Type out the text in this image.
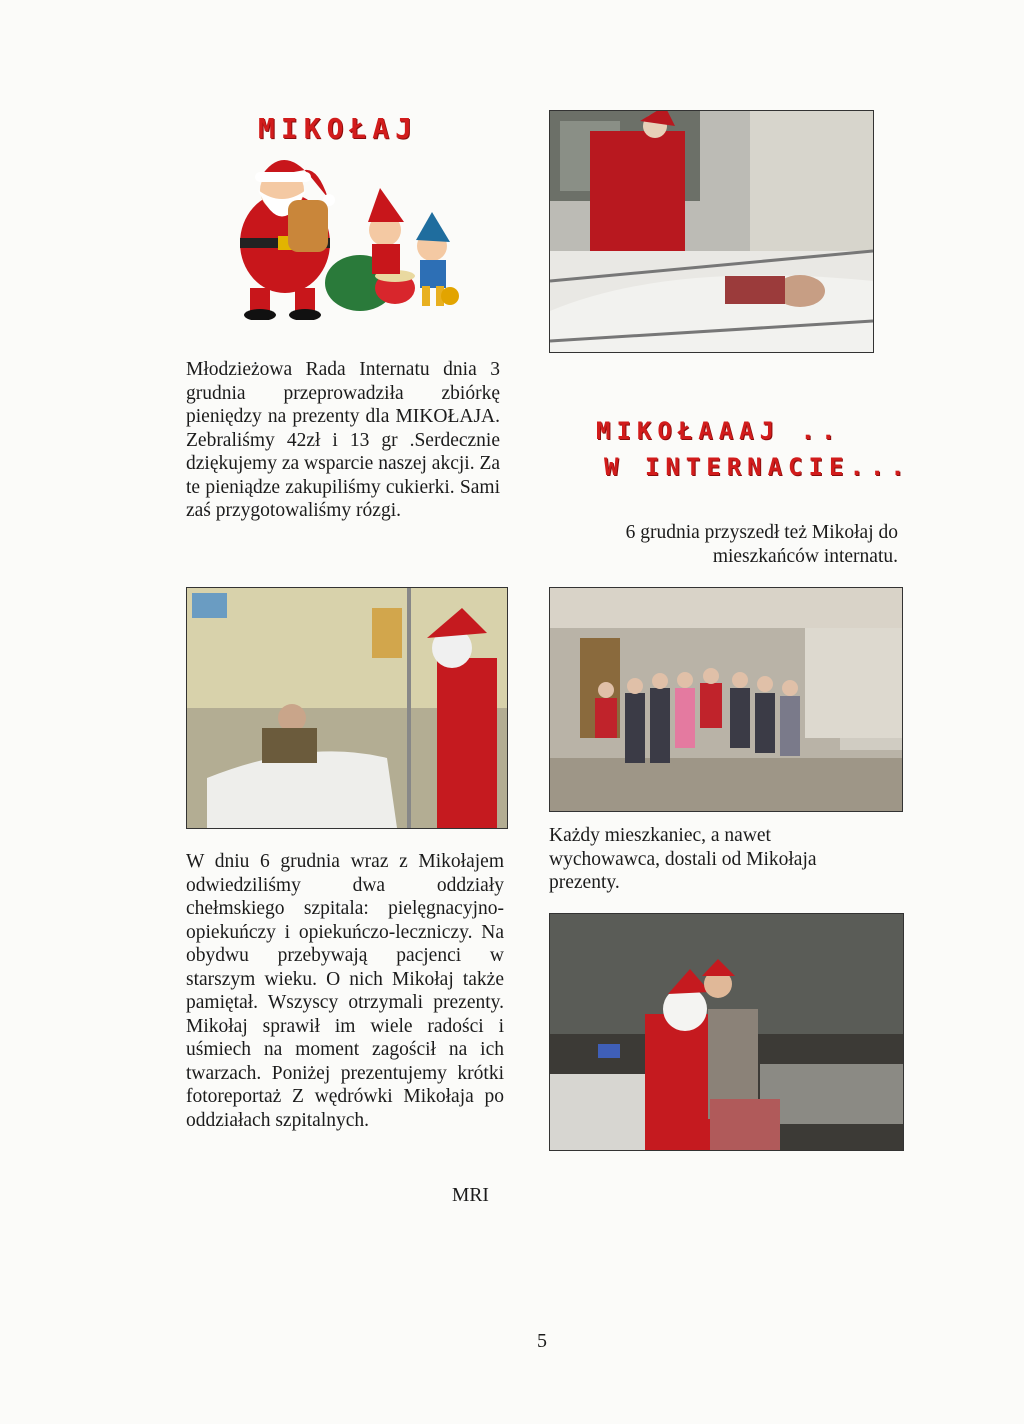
MIKOŁAJ
Młodzieżowa Rada Internatu dnia 3 grudnia przeprowadziła zbiórkę pieniędzy na prezenty dla MIKOŁAJA. Zebraliśmy 42zł i 13 gr .Serdecznie dziękujemy za wsparcie naszej akcji. Za te pieniądze zakupiliśmy cukierki. Sami zaś przygotowaliśmy rózgi.
MIKOŁAAAJ ..
W INTERNACIE...
6 grudnia przyszedł też Mikołaj do mieszkańców internatu.
W dniu 6 grudnia wraz z Mikołajem odwiedziliśmy dwa oddziały chełmskiego szpitala: pielęgnacyjno-opiekuńczy i opiekuńczo-leczniczy. Na obydwu przebywają pacjenci w starszym wieku. O nich Mikołaj także pamiętał. Wszyscy otrzymali prezenty. Mikołaj sprawił im wiele radości i uśmiech na moment zagościł na ich twarzach. Poniżej prezentujemy krótki fotoreportaż Z wędrówki Mikołaja po oddziałach szpitalnych.
MRI
Każdy mieszkaniec, a nawet wychowawca, dostali od Mikołaja prezenty.
5
